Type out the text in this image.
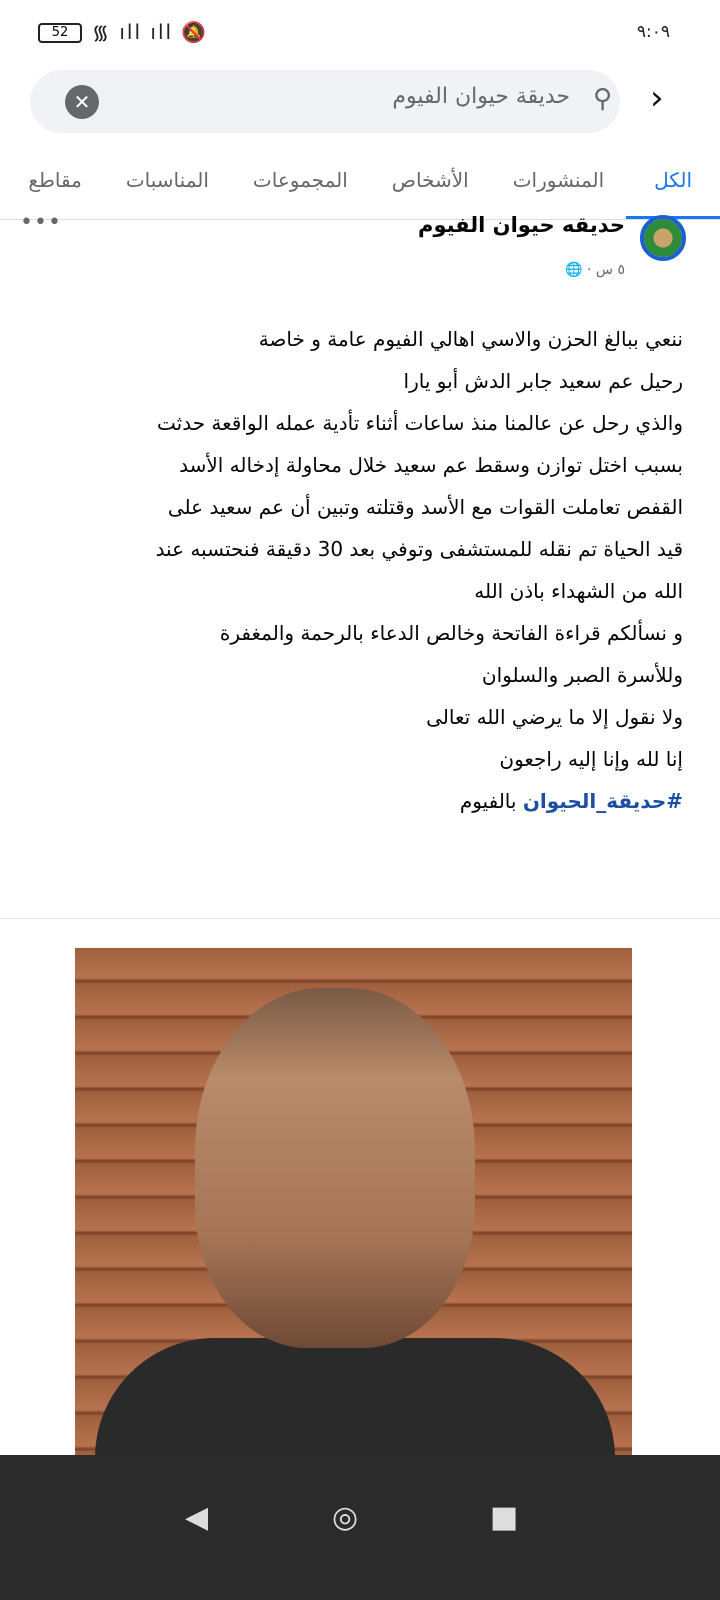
52	᯾ ıll ıll 🔕	٩:٠٩
✕	حديقة حيوان الفيوم ⚲ ›
الكل
المنشورات
الأشخاص
المجموعات
المناسبات
مقاطع
حديقه حيوان الفيوم
٥ س · 🌐
•••
ننعي ببالغ الحزن والاسي اهالي الفيوم عامة و خاصة
رحيل عم سعيد جابر الدش أبو يارا
والذي رحل عن عالمنا منذ ساعات أثناء تأدية عمله الواقعة حدثت
بسبب اختل توازن وسقط عم سعيد خلال محاولة إدخاله الأسد
القفص تعاملت القوات مع الأسد وقتلته وتبين أن عم سعيد على
قيد الحياة تم نقله للمستشفى وتوفي بعد 30 دقيقة فنحتسبه عند
الله من الشهداء باذن الله
و نسألكم قراءة الفاتحة وخالص الدعاء بالرحمة والمغفرة
وللأسرة الصبر والسلوان
ولا نقول إلا ما يرضي الله تعالى
إنا لله وإنا إليه راجعون
#حديقة_الحيوان بالفيوم
◀	◎	■
